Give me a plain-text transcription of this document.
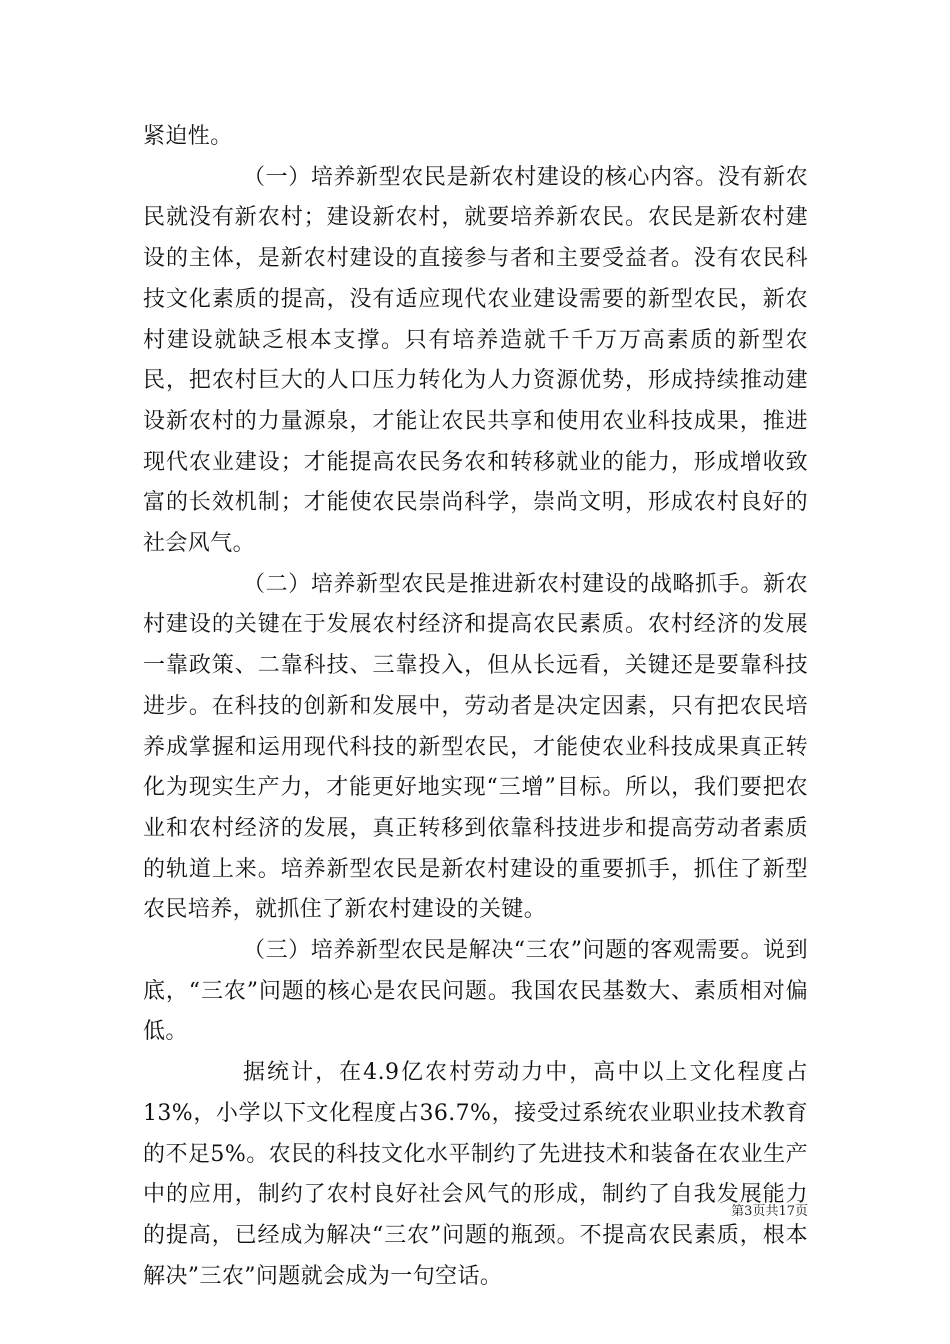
紧迫性。

（一）培养新型农民是新农村建设的核心内容。没有新农民就没有新农村；建设新农村，就要培养新农民。农民是新农村建设的主体，是新农村建设的直接参与者和主要受益者。没有农民科技文化素质的提高，没有适应现代农业建设需要的新型农民，新农村建设就缺乏根本支撑。只有培养造就千千万万高素质的新型农民，把农村巨大的人口压力转化为人力资源优势，形成持续推动建设新农村的力量源泉，才能让农民共享和使用农业科技成果，推进现代农业建设；才能提高农民务农和转移就业的能力，形成增收致富的长效机制；才能使农民崇尚科学，崇尚文明，形成农村良好的社会风气。

（二）培养新型农民是推进新农村建设的战略抓手。新农村建设的关键在于发展农村经济和提高农民素质。农村经济的发展一靠政策、二靠科技、三靠投入，但从长远看，关键还是要靠科技进步。在科技的创新和发展中，劳动者是决定因素，只有把农民培养成掌握和运用现代科技的新型农民，才能使农业科技成果真正转化为现实生产力，才能更好地实现“三增”目标。所以，我们要把农业和农村经济的发展，真正转移到依靠科技进步和提高劳动者素质的轨道上来。培养新型农民是新农村建设的重要抓手，抓住了新型农民培养，就抓住了新农村建设的关键。

（三）培养新型农民是解决“三农”问题的客观需要。说到底，“三农”问题的核心是农民问题。我国农民基数大、素质相对偏低。

据统计，在4.9亿农村劳动力中，高中以上文化程度占13%，小学以下文化程度占36.7%，接受过系统农业职业技术教育的不足5%。农民的科技文化水平制约了先进技术和装备在农业生产中的应用，制约了农村良好社会风气的形成，制约了自我发展能力的提高，已经成为解决“三农”问题的瓶颈。不提高农民素质，根本解决”三农”问题就会成为一句空话。

第3页共17页
